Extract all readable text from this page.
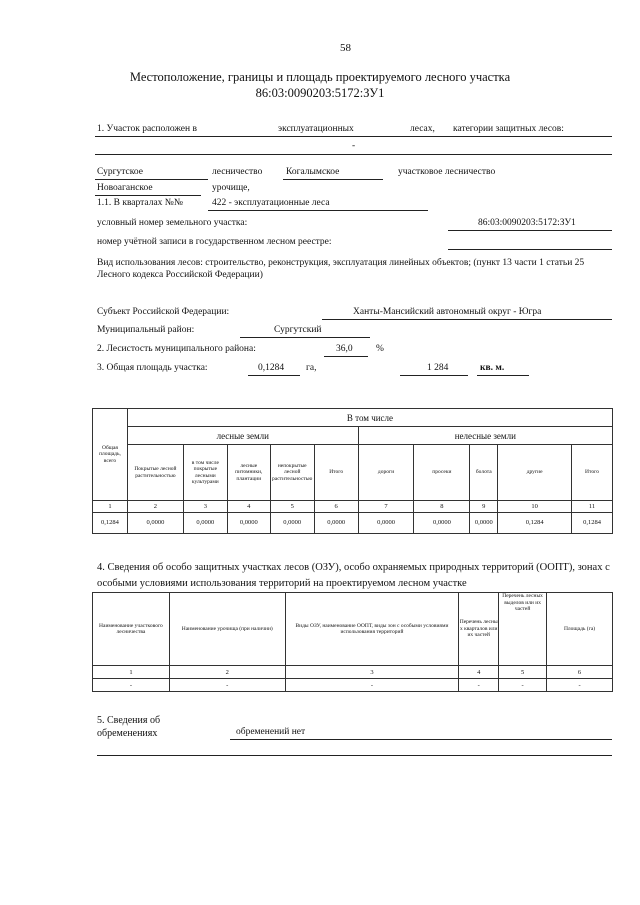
58
Местоположение, границы и площадь проектируемого лесного участка
86:03:0090203:5172:ЗУ1
1. Участок расположен в	эксплуатационных	лесах, категории защитных лесов:
-
Сургутское	лесничество Когалымское	участковое лесничество
Новоаганское	урочище,
1.1. В кварталах №№	422 - эксплуатационные леса
условный номер земельного участка:	86:03:0090203:5172:ЗУ1
номер учётной записи в государственном лесном реестре:
Вид использования лесов: строительство, реконструкция, эксплуатация линейных объектов; (пункт 13 части 1 статьи 25 Лесного кодекса Российской Федерации)
Субъект Российской Федерации:	Ханты-Мансийский автономный округ - Югра
Муниципальный район:	Сургутский
2. Лесистость муниципального района:	36,0 %
3. Общая площадь участка:	0,1284 га,	1 284	кв. м.
Общая площадь, всего	В том числе									
	лесные земли					нелесные земли				
	Покрытые лесной растительностью	в том числе покрытые лесными культурами	лесные питомники, плантации	непокрытые лесной растительностью	Итого	дороги	просеки	болота	другие	Итого
1	2	3	4	5	6	7	8	9	10	11
0,1284	0,0000	0,0000	0,0000	0,0000	0,0000	0,0000	0,0000	0,0000	0,1284	0,1284
4. Сведения об особо защитных участках лесов (ОЗУ), особо охраняемых природных территорий (ООПТ), зонах с особыми условиями использования территорий на проектируемом лесном участке
Наименование участкового лесничества	Наименование урочища (при наличии)	Виды ОЗУ, наименование ООПТ, виды зон с особыми условиями использования территорий	Перечень лесных кварталов или их частей	Перечень лесных выделов или их частей	Площадь (га)
1	2	3	4	5	6
-	-	-	-	-	-
5. Сведения об обременениях	обременений нет
